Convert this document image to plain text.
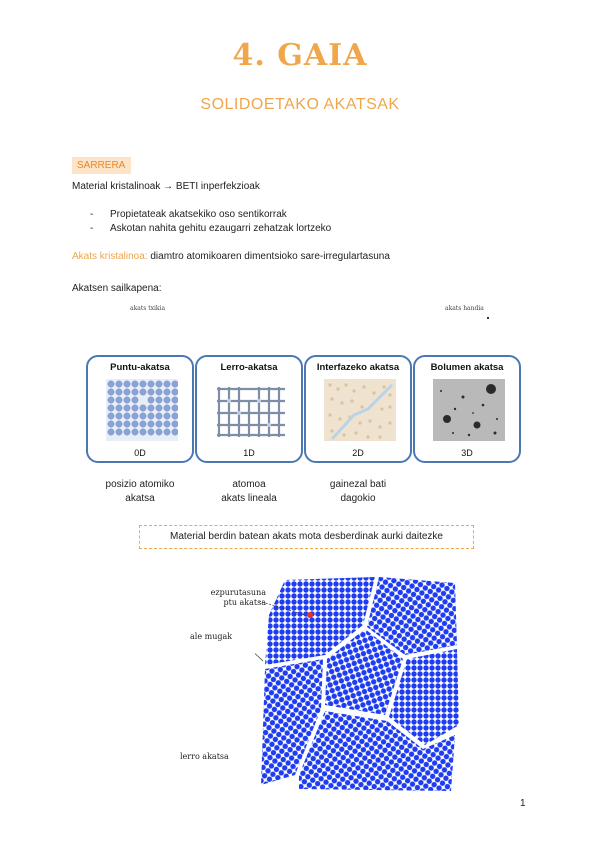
4. GAIA
SOLIDOETAKO AKATSAK
SARRERA
Material kristalinoak → BETI inperfekzioak
- Propietateak akatsekiko oso sentikorrak
- Askotan nahita gehitu ezaugarri zehatzak lortzeko
Akats kristalinoa: diamtro atomikoaren dimentsioko sare-irregulartasuna
Akatsen sailkapena:
akats txikia	akats handia
Puntu-akatsa
0D
Lerro-akatsa
1D
Interfazeko akatsa
2D
Bolumen akatsa
3D
posizio atomiko
akatsa
atomoa
akats lineala
gainezal bati
dagokio
Material berdin batean akats mota desberdinak aurki daitezke
ezpurutasuna
ptu akatsa
ale mugak
lerro akatsa
1
